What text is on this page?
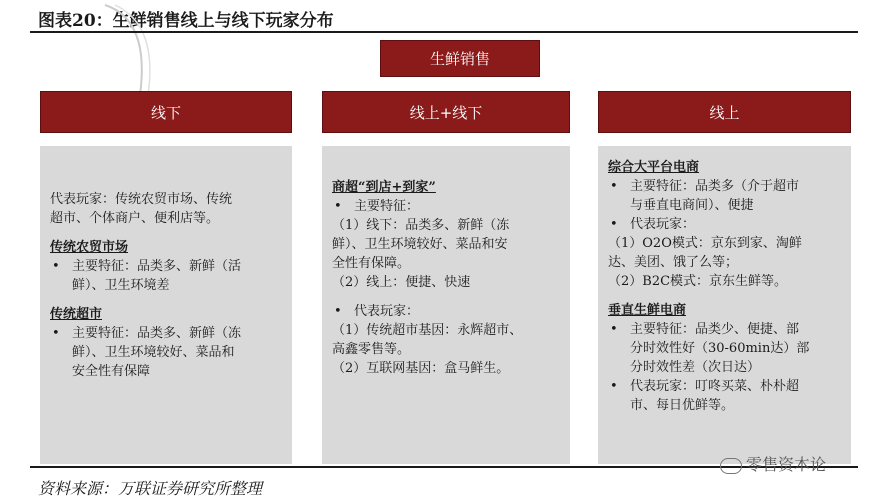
图表20：生鲜销售线上与线下玩家分布
生鲜销售
线下	线上+线下	线上
代表玩家：传统农贸市场、传统
超市、个体商户、便利店等。
传统农贸市场
• 主要特征：品类多、新鲜（活
鲜）、卫生环境差
传统超市
• 主要特征：品类多、新鲜（冻
鲜）、卫生环境较好、菜品和
安全性有保障
商超“到店+到家”
• 主要特征：
（1）线下：品类多、新鲜（冻
鲜）、卫生环境较好、菜品和安
全性有保障。
（2）线上：便捷、快速
• 代表玩家：
（1）传统超市基因：永辉超市、
高鑫零售等。
（2）互联网基因：盒马鲜生。
综合大平台电商
• 主要特征：品类多（介于超市
与垂直电商间）、便捷
• 代表玩家：
（1）O2O模式：京东到家、淘鲜
达、美团、饿了么等；
（2）B2C模式：京东生鲜等。
垂直生鲜电商
• 主要特征：品类少、便捷、部
分时效性好（30-60min达）部
分时效性差（次日达）
• 代表玩家：叮咚买菜、朴朴超
市、每日优鲜等。
零售资本论
资料来源：万联证券研究所整理
